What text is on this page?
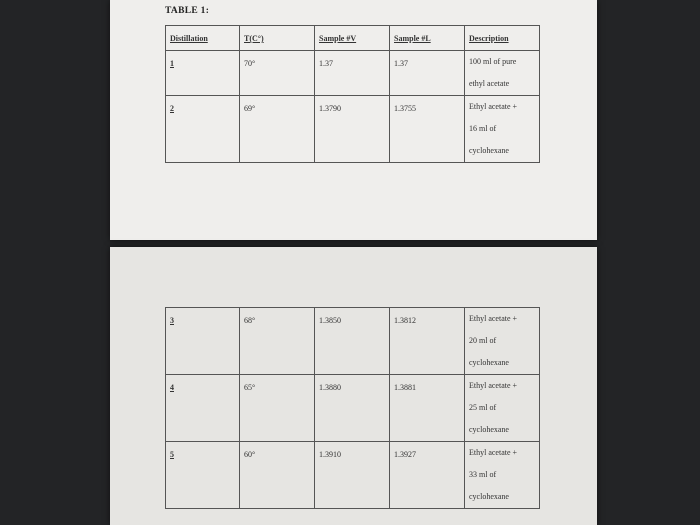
TABLE 1:
Distillation	T(C°)	Sample #V	Sample #L	Description
1	70°	1.37	1.37	100 ml of pure
ethyl acetate

2	69°	1.3790	1.3755	Ethyl acetate +
16 ml of
cyclohexane
3	68°	1.3850	1.3812	Ethyl acetate +
20 ml of
cyclohexane

4	65°	1.3880	1.3881	Ethyl acetate +
25 ml of
cyclohexane

5	60°	1.3910	1.3927	Ethyl acetate +
33 ml of
cyclohexane
